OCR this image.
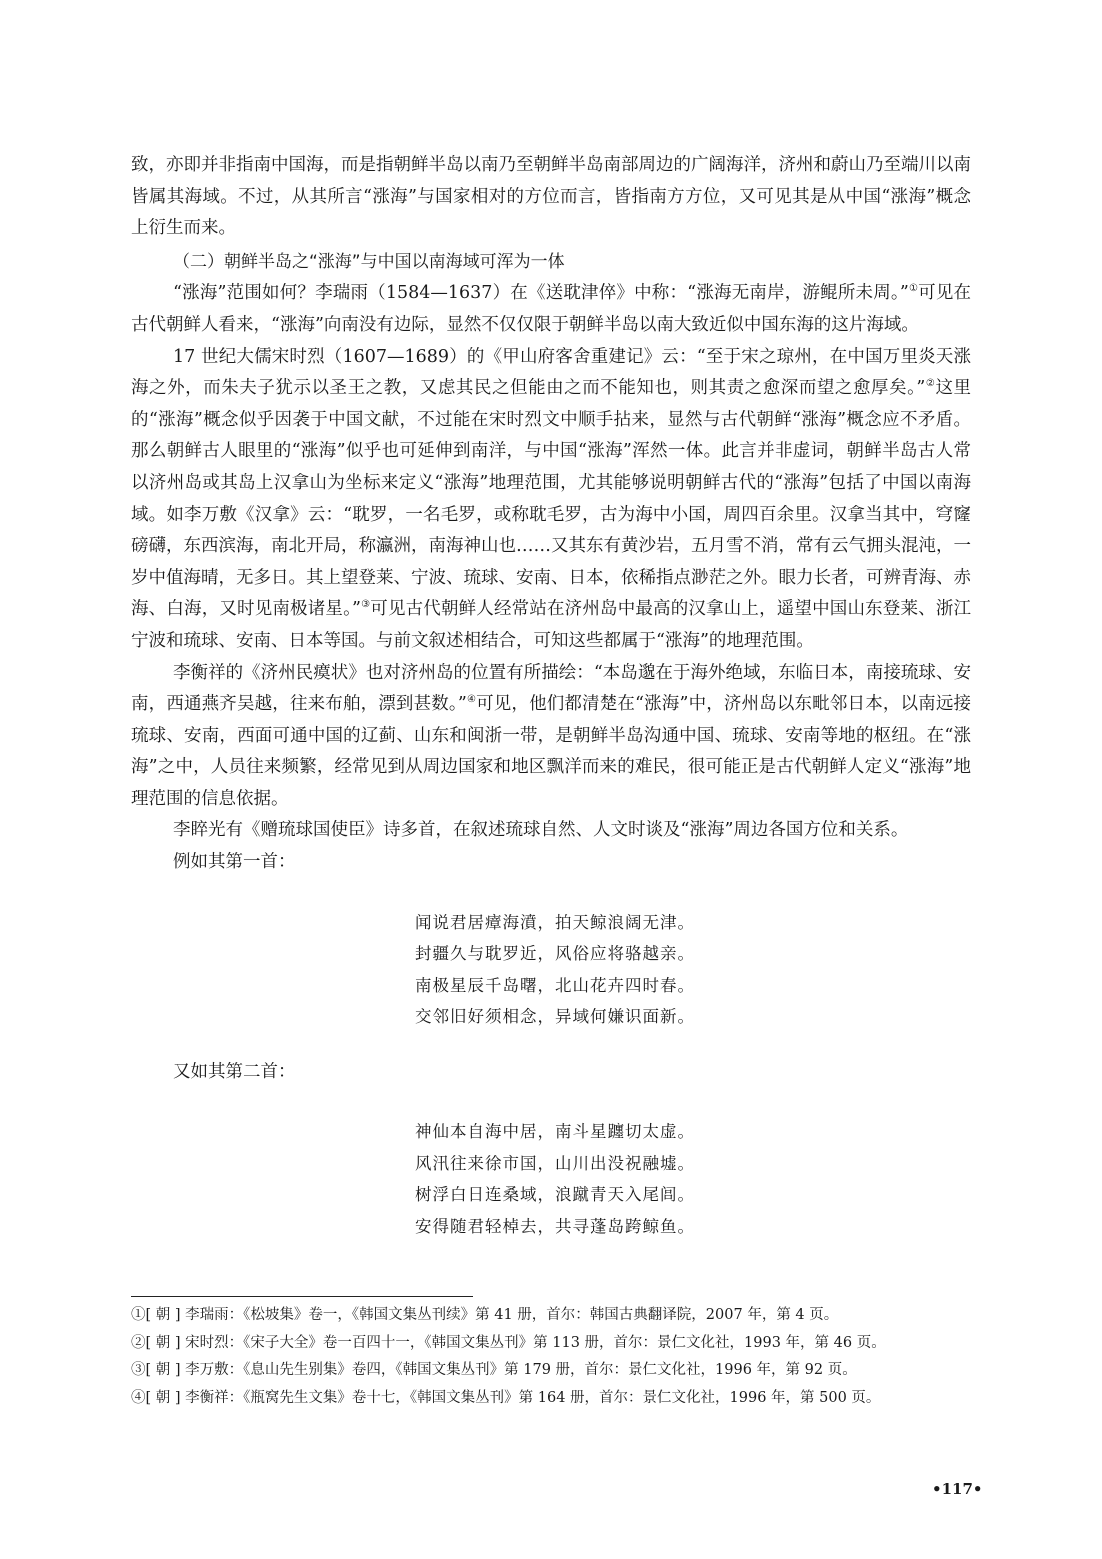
致，亦即并非指南中国海，而是指朝鲜半岛以南乃至朝鲜半岛南部周边的广阔海洋，济州和蔚山乃至端川以南皆属其海域。不过，从其所言“涨海”与国家相对的方位而言，皆指南方方位，又可见其是从中国“涨海”概念上衍生而来。

（二）朝鲜半岛之“涨海”与中国以南海域可浑为一体

“涨海”范围如何？李瑞雨（1584—1637）在《送耽津倅》中称：“涨海无南岸，游鲲所未周。”①可见在古代朝鲜人看来，“涨海”向南没有边际，显然不仅仅限于朝鲜半岛以南大致近似中国东海的这片海域。

17 世纪大儒宋时烈（1607—1689）的《甲山府客舍重建记》云：“至于宋之琼州，在中国万里炎天涨海之外，而朱夫子犹示以圣王之教，又虑其民之但能由之而不能知也，则其责之愈深而望之愈厚矣。”②这里的“涨海”概念似乎因袭于中国文献，不过能在宋时烈文中顺手拈来，显然与古代朝鲜“涨海”概念应不矛盾。那么朝鲜古人眼里的“涨海”似乎也可延伸到南洋，与中国“涨海”浑然一体。此言并非虚词，朝鲜半岛古人常以济州岛或其岛上汉拿山为坐标来定义“涨海”地理范围，尤其能够说明朝鲜古代的“涨海”包括了中国以南海域。如李万敷《汉拿》云：“耽罗，一名毛罗，或称耽毛罗，古为海中小国，周四百余里。汉拿当其中，穹窿磅礴，东西滨海，南北开局，称瀛洲，南海神山也……又其东有黄沙岩，五月雪不消，常有云气拥头混沌，一岁中值海晴，无多日。其上望登莱、宁波、琉球、安南、日本，依稀指点渺茫之外。眼力长者，可辨青海、赤海、白海，又时见南极诸星。”③可见古代朝鲜人经常站在济州岛中最高的汉拿山上，遥望中国山东登莱、浙江宁波和琉球、安南、日本等国。与前文叙述相结合，可知这些都属于“涨海”的地理范围。

李衡祥的《济州民瘼状》也对济州岛的位置有所描绘：“本岛邈在于海外绝域，东临日本，南接琉球、安南，西通燕齐吴越，往来布舶，漂到甚数。”④可见，他们都清楚在“涨海”中，济州岛以东毗邻日本，以南远接琉球、安南，西面可通中国的辽蓟、山东和闽浙一带，是朝鲜半岛沟通中国、琉球、安南等地的枢纽。在“涨海”之中，人员往来频繁，经常见到从周边国家和地区飘洋而来的难民，很可能正是古代朝鲜人定义“涨海”地理范围的信息依据。

李睟光有《赠琉球国使臣》诗多首，在叙述琉球自然、人文时谈及“涨海”周边各国方位和关系。

例如其第一首：

闻说君居瘴海濆，拍天鲸浪阔无津。
封疆久与耽罗近，风俗应将骆越亲。
南极星辰千岛曙，北山花卉四时春。
交邻旧好须相念，异域何嫌识面新。

又如其第二首：

神仙本自海中居，南斗星躔切太虚。
风汛往来徐市国，山川出没祝融墟。
树浮白日连桑域，浪蹴青天入尾闾。
安得随君轻棹去，共寻蓬岛跨鲸鱼。
①[ 朝 ] 李瑞雨：《松坡集》卷一，《韩国文集丛刊续》第 41 册，首尔：韩国古典翻译院，2007 年，第 4 页。
②[ 朝 ] 宋时烈：《宋子大全》卷一百四十一，《韩国文集丛刊》第 113 册，首尔：景仁文化社，1993 年，第 46 页。
③[ 朝 ] 李万敷：《息山先生别集》卷四，《韩国文集丛刊》第 179 册，首尔：景仁文化社，1996 年，第 92 页。
④[ 朝 ] 李衡祥：《瓶窝先生文集》卷十七，《韩国文集丛刊》第 164 册，首尔：景仁文化社，1996 年，第 500 页。
•117•
